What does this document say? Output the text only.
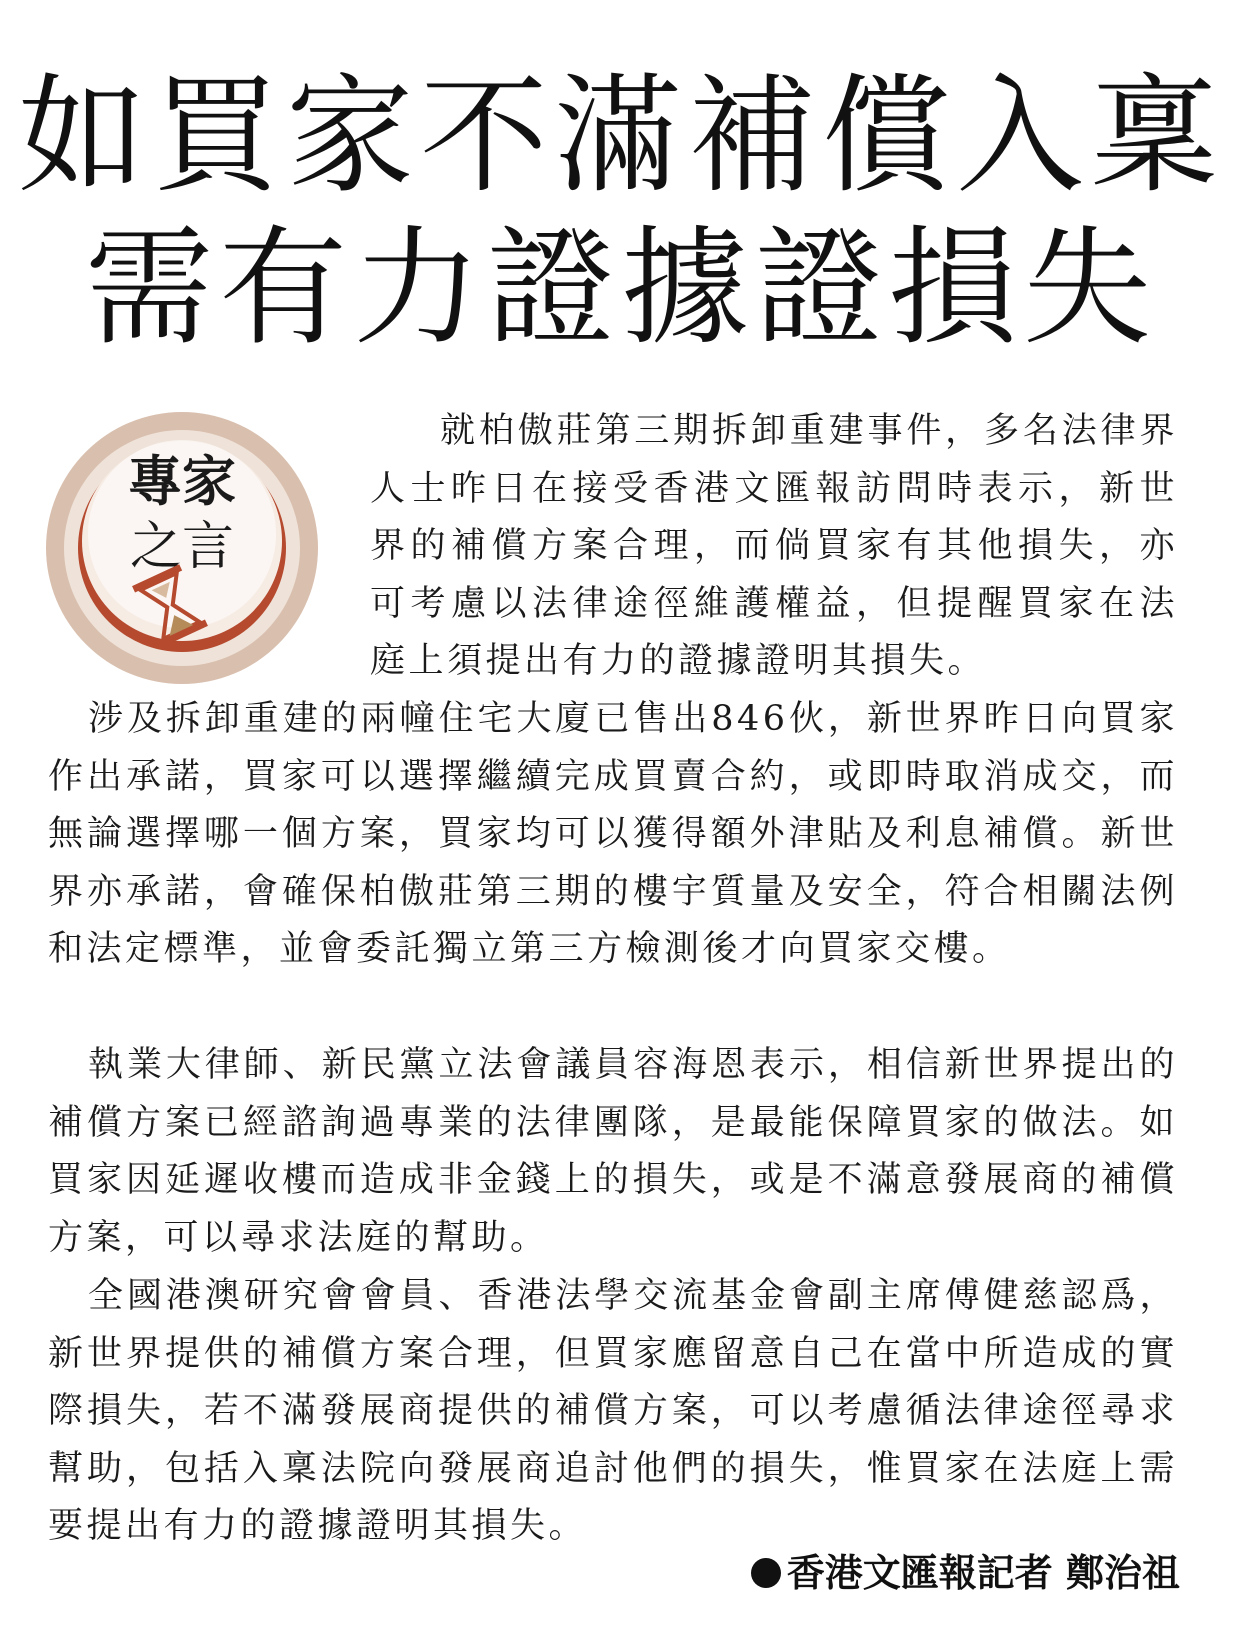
如買家不滿補償入稟
需有力證據證損失
專家
之言

就柏傲莊第三期拆卸重建事件，多名法律界人士昨日在接受香港文匯報訪問時表示，新世界的補償方案合理，而倘買家有其他損失，亦可考慮以法律途徑維護權益，但提醒買家在法庭上須提出有力的證據證明其損失。

涉及拆卸重建的兩幢住宅大廈已售出846伙，新世界昨日向買家作出承諾，買家可以選擇繼續完成買賣合約，或即時取消成交，而無論選擇哪一個方案，買家均可以獲得額外津貼及利息補償。新世界亦承諾，會確保柏傲莊第三期的樓宇質量及安全，符合相關法例和法定標準，並會委託獨立第三方檢測後才向買家交樓。

執業大律師、新民黨立法會議員容海恩表示，相信新世界提出的補償方案已經諮詢過專業的法律團隊，是最能保障買家的做法。如買家因延遲收樓而造成非金錢上的損失，或是不滿意發展商的補償方案，可以尋求法庭的幫助。

全國港澳研究會會員、香港法學交流基金會副主席傅健慈認爲，新世界提供的補償方案合理，但買家應留意自己在當中所造成的實際損失，若不滿發展商提供的補償方案，可以考慮循法律途徑尋求幫助，包括入稟法院向發展商追討他們的損失，惟買家在法庭上需要提出有力的證據證明其損失。

香港文匯報記者 鄭治祖
